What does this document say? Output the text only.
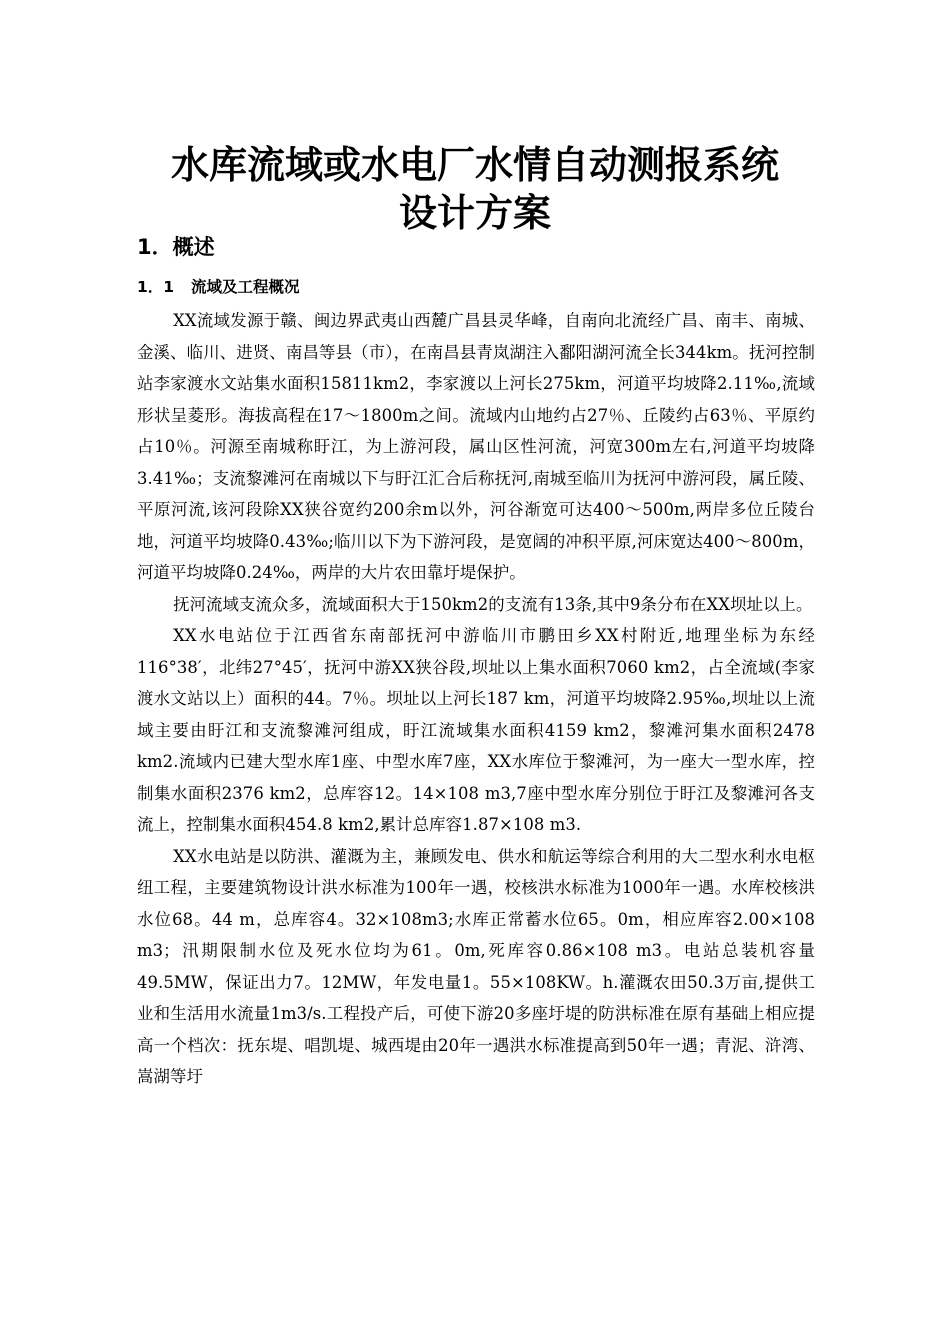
水库流域或水电厂水情自动测报系统
设计方案
1．概述
1．1 流域及工程概况

XX流域发源于赣、闽边界武夷山西麓广昌县灵华峰，自南向北流经广昌、南丰、南城、金溪、临川、进贤、南昌等县（市），在南昌县青岚湖注入鄱阳湖河流全长344km。抚河控制站李家渡水文站集水面积15811km2，李家渡以上河长275km，河道平均坡降2.11‰,流域形状呈菱形。海拔高程在17～1800m之间。流域内山地约占27％、丘陵约占63％、平原约占10％。河源至南城称盱江，为上游河段，属山区性河流，河宽300m左右,河道平均坡降3.41‰；支流黎滩河在南城以下与盱江汇合后称抚河,南城至临川为抚河中游河段，属丘陵、平原河流,该河段除XX狭谷宽约200余m以外，河谷渐宽可达400～500m,两岸多位丘陵台地，河道平均坡降0.43‰;临川以下为下游河段，是宽阔的冲积平原,河床宽达400～800m，河道平均坡降0.24‰，两岸的大片农田靠圩堤保护。

抚河流域支流众多，流域面积大于150km2的支流有13条,其中9条分布在XX坝址以上。

XX水电站位于江西省东南部抚河中游临川市鹏田乡XX村附近,地理坐标为东经116°38′，北纬27°45′，抚河中游XX狭谷段,坝址以上集水面积7060 km2，占全流域(李家渡水文站以上）面积的44。7％。坝址以上河长187 km，河道平均坡降2.95‰,坝址以上流域主要由盱江和支流黎滩河组成，盱江流域集水面积4159 km2，黎滩河集水面积2478 km2.流域内已建大型水库1座、中型水库7座，XX水库位于黎滩河，为一座大一型水库，控制集水面积2376 km2，总库容12。14×108 m3,7座中型水库分别位于盱江及黎滩河各支流上，控制集水面积454.8 km2,累计总库容1.87×108 m3.

XX水电站是以防洪、灌溉为主，兼顾发电、供水和航运等综合利用的大二型水利水电枢纽工程，主要建筑物设计洪水标准为100年一遇，校核洪水标准为1000年一遇。水库校核洪水位68。44 m，总库容4。32×108m3;水库正常蓄水位65。0m，相应库容2.00×108 m3；汛期限制水位及死水位均为61。0m,死库容0.86×108 m3。电站总装机容量49.5MW，保证出力7。12MW，年发电量1。55×108KW。h.灌溉农田50.3万亩,提供工业和生活用水流量1m3/s.工程投产后，可使下游20多座圩堤的防洪标准在原有基础上相应提高一个档次：抚东堤、唱凯堤、城西堤由20年一遇洪水标准提高到50年一遇；青泥、浒湾、嵩湖等圩
